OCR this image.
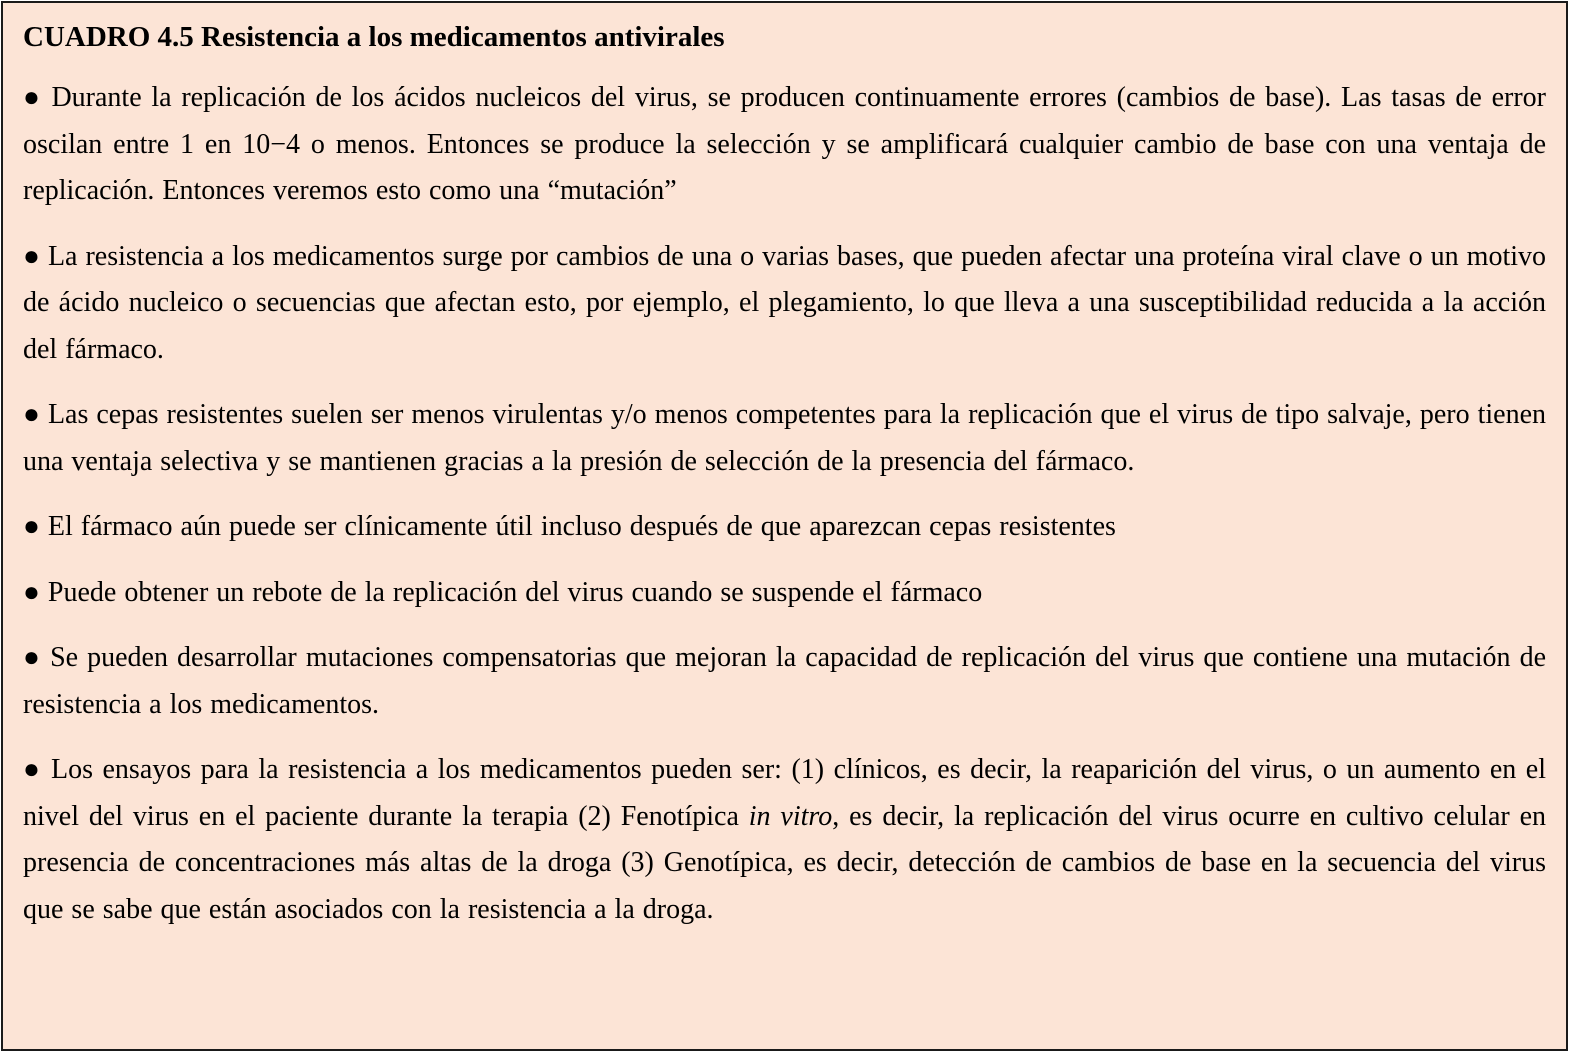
CUADRO 4.5 Resistencia a los medicamentos antivirales

● Durante la replicación de los ácidos nucleicos del virus, se producen continuamente errores (cambios de base). Las tasas de error oscilan entre 1 en 10−4 o menos. Entonces se produce la selección y se amplificará cualquier cambio de base con una ventaja de replicación. Entonces veremos esto como una “mutación”

● La resistencia a los medicamentos surge por cambios de una o varias bases, que pueden afectar una proteína viral clave o un motivo de ácido nucleico o secuencias que afectan esto, por ejemplo, el plegamiento, lo que lleva a una susceptibilidad reducida a la acción del fármaco.

● Las cepas resistentes suelen ser menos virulentas y/o menos competentes para la replicación que el virus de tipo salvaje, pero tienen una ventaja selectiva y se mantienen gracias a la presión de selección de la presencia del fármaco.

● El fármaco aún puede ser clínicamente útil incluso después de que aparezcan cepas resistentes

● Puede obtener un rebote de la replicación del virus cuando se suspende el fármaco

● Se pueden desarrollar mutaciones compensatorias que mejoran la capacidad de replicación del virus que contiene una mutación de resistencia a los medicamentos.

● Los ensayos para la resistencia a los medicamentos pueden ser: (1) clínicos, es decir, la reaparición del virus, o un aumento en el nivel del virus en el paciente durante la terapia (2) Fenotípica in vitro, es decir, la replicación del virus ocurre en cultivo celular en presencia de concentraciones más altas de la droga (3) Genotípica, es decir, detección de cambios de base en la secuencia del virus que se sabe que están asociados con la resistencia a la droga.
